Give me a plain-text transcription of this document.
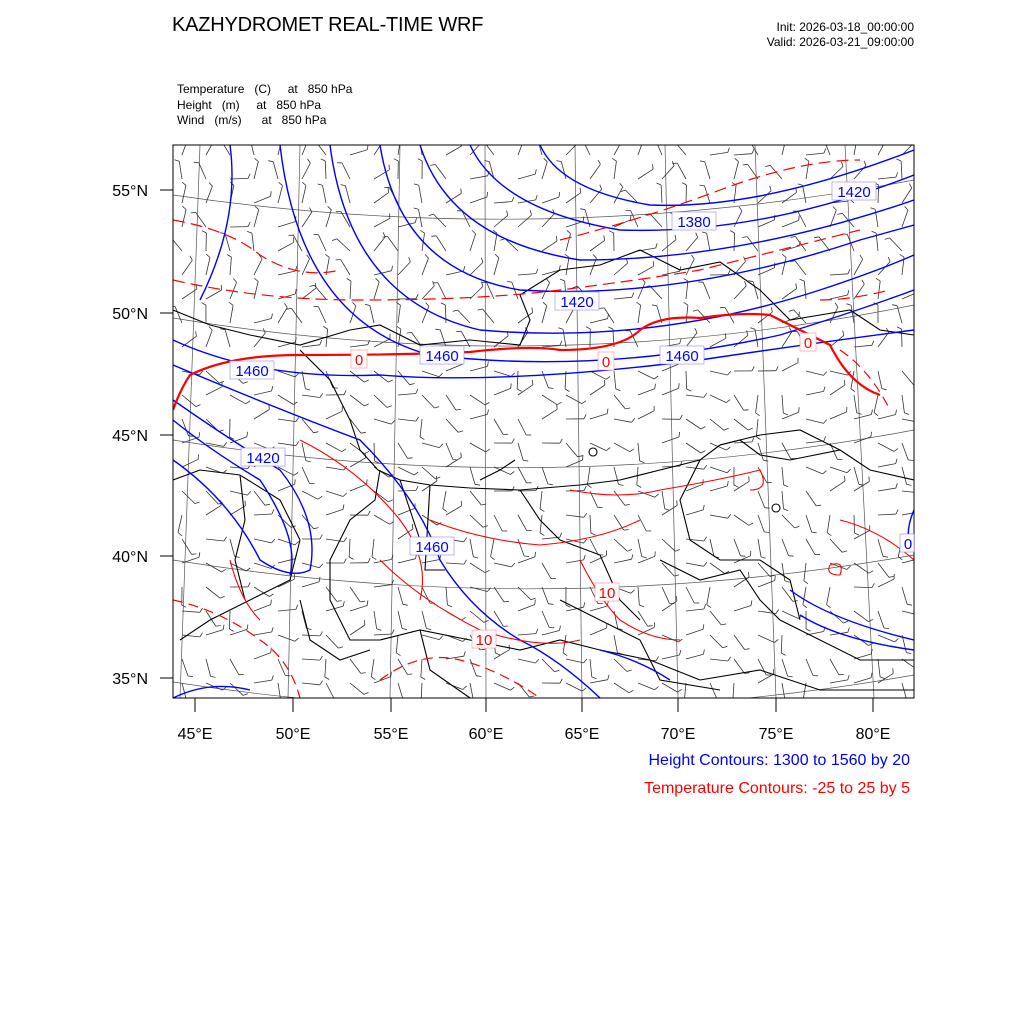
KAZHYDROMET REAL-TIME WRF	Init: 2026-03-18_00:00:00
Valid: 2026-03-21_09:00:00
Temperature   (C)     at   850 hPa
Height   (m)     at   850 hPa
Wind   (m/s)      at   850 hPa
1420
1380
1420
1460	1460
1460
1420
1460
0	0
0
10
10
0
55°N
50°N
45°N
40°N
35°N
45°E	50°E	55°E	60°E	65°E	70°E	75°E	80°E
Height Contours: 1300 to 1560 by 20
Temperature Contours: -25 to 25 by 5
